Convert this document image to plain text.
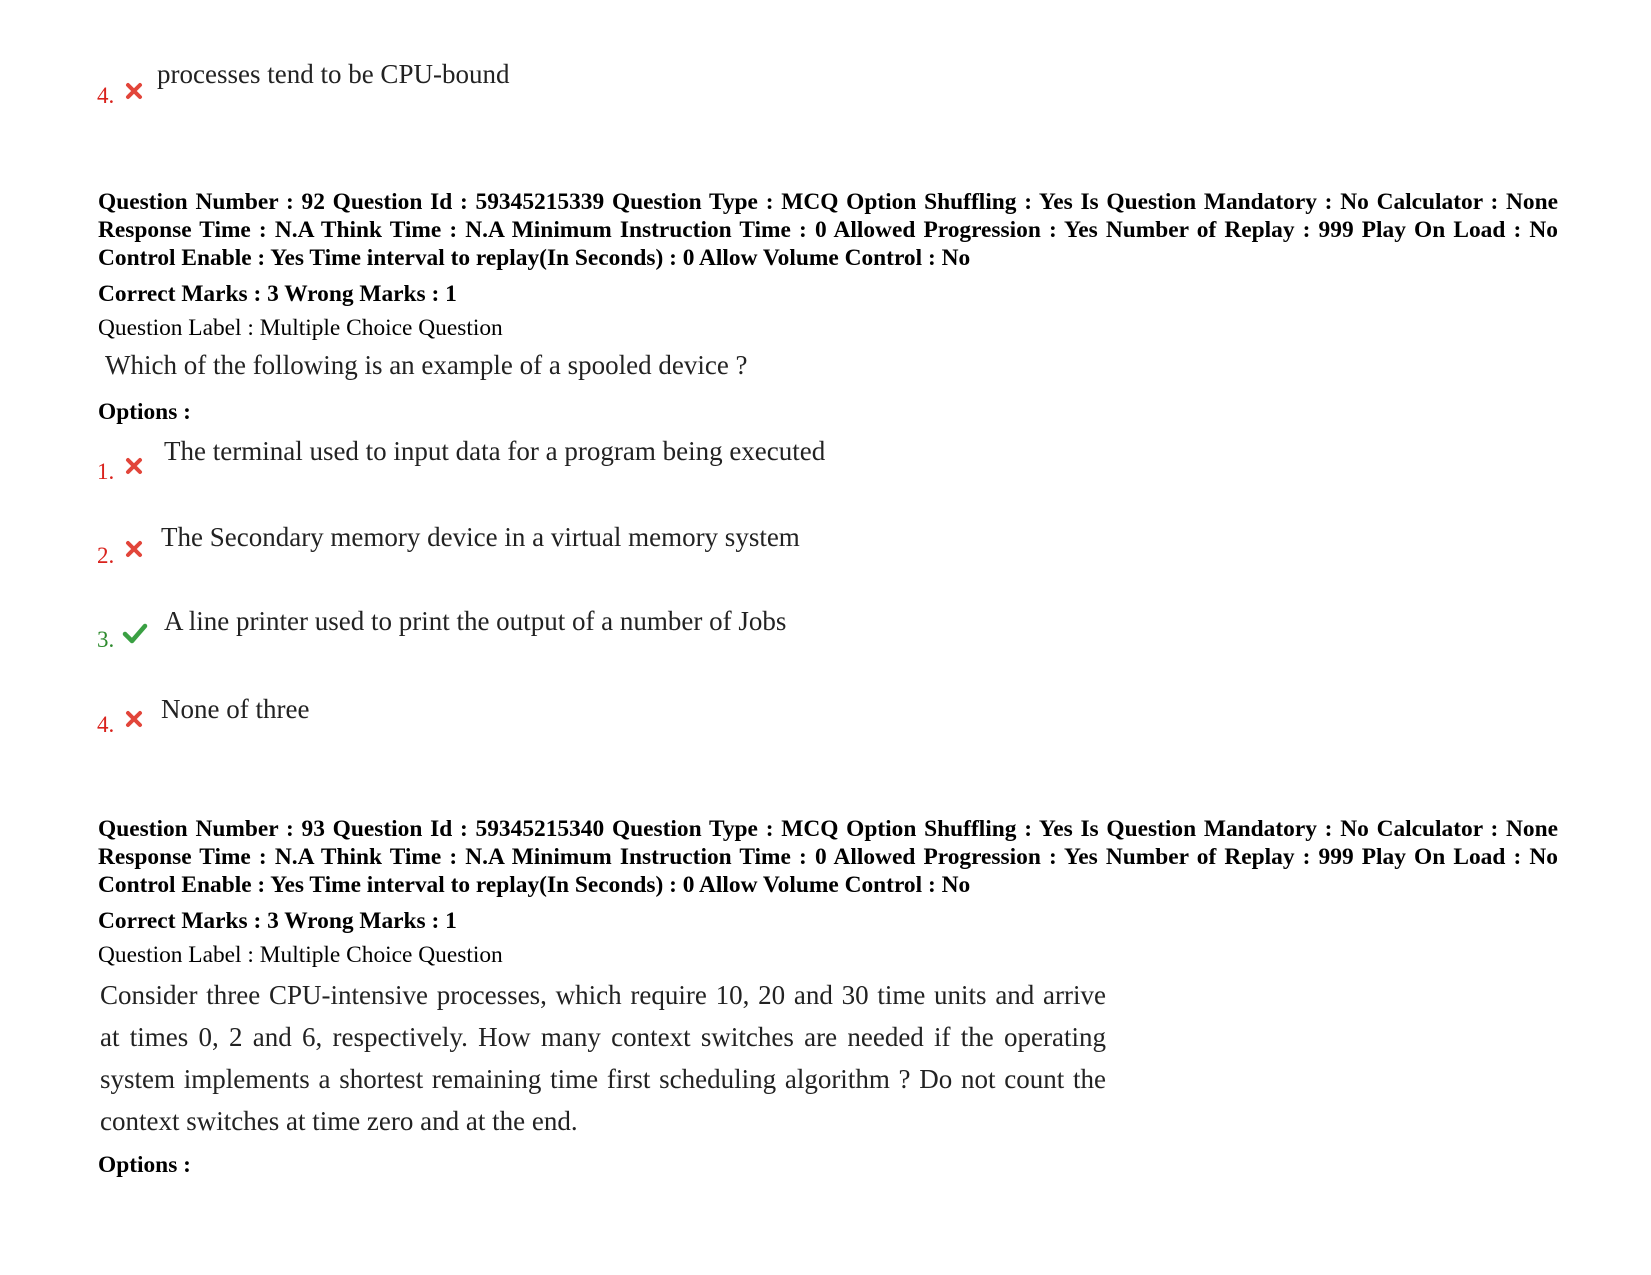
4.
processes tend to be CPU-bound
Question Number : 92 Question Id : 59345215339 Question Type : MCQ Option Shuffling : Yes Is Question Mandatory : No Calculator : None Response Time : N.A Think Time : N.A Minimum Instruction Time : 0 Allowed Progression : Yes Number of Replay : 999 Play On Load : No Control Enable : Yes Time interval to replay(In Seconds) : 0 Allow Volume Control : No
Correct Marks : 3 Wrong Marks : 1
Question Label : Multiple Choice Question
Which of the following is an example of a spooled device ?
Options :
1.
The terminal used to input data for a program being executed
2.
The Secondary memory device in a virtual memory system
3.
A line printer used to print the output of a number of Jobs
4.
None of three
Question Number : 93 Question Id : 59345215340 Question Type : MCQ Option Shuffling : Yes Is Question Mandatory : No Calculator : None Response Time : N.A Think Time : N.A Minimum Instruction Time : 0 Allowed Progression : Yes Number of Replay : 999 Play On Load : No Control Enable : Yes Time interval to replay(In Seconds) : 0 Allow Volume Control : No
Correct Marks : 3 Wrong Marks : 1
Question Label : Multiple Choice Question
Consider three CPU-intensive processes, which require 10, 20 and 30 time units and arrive at times 0, 2 and 6, respectively. How many context switches are needed if the operating system implements a shortest remaining time first scheduling algorithm ? Do not count the context switches at time zero and at the end.
Options :
